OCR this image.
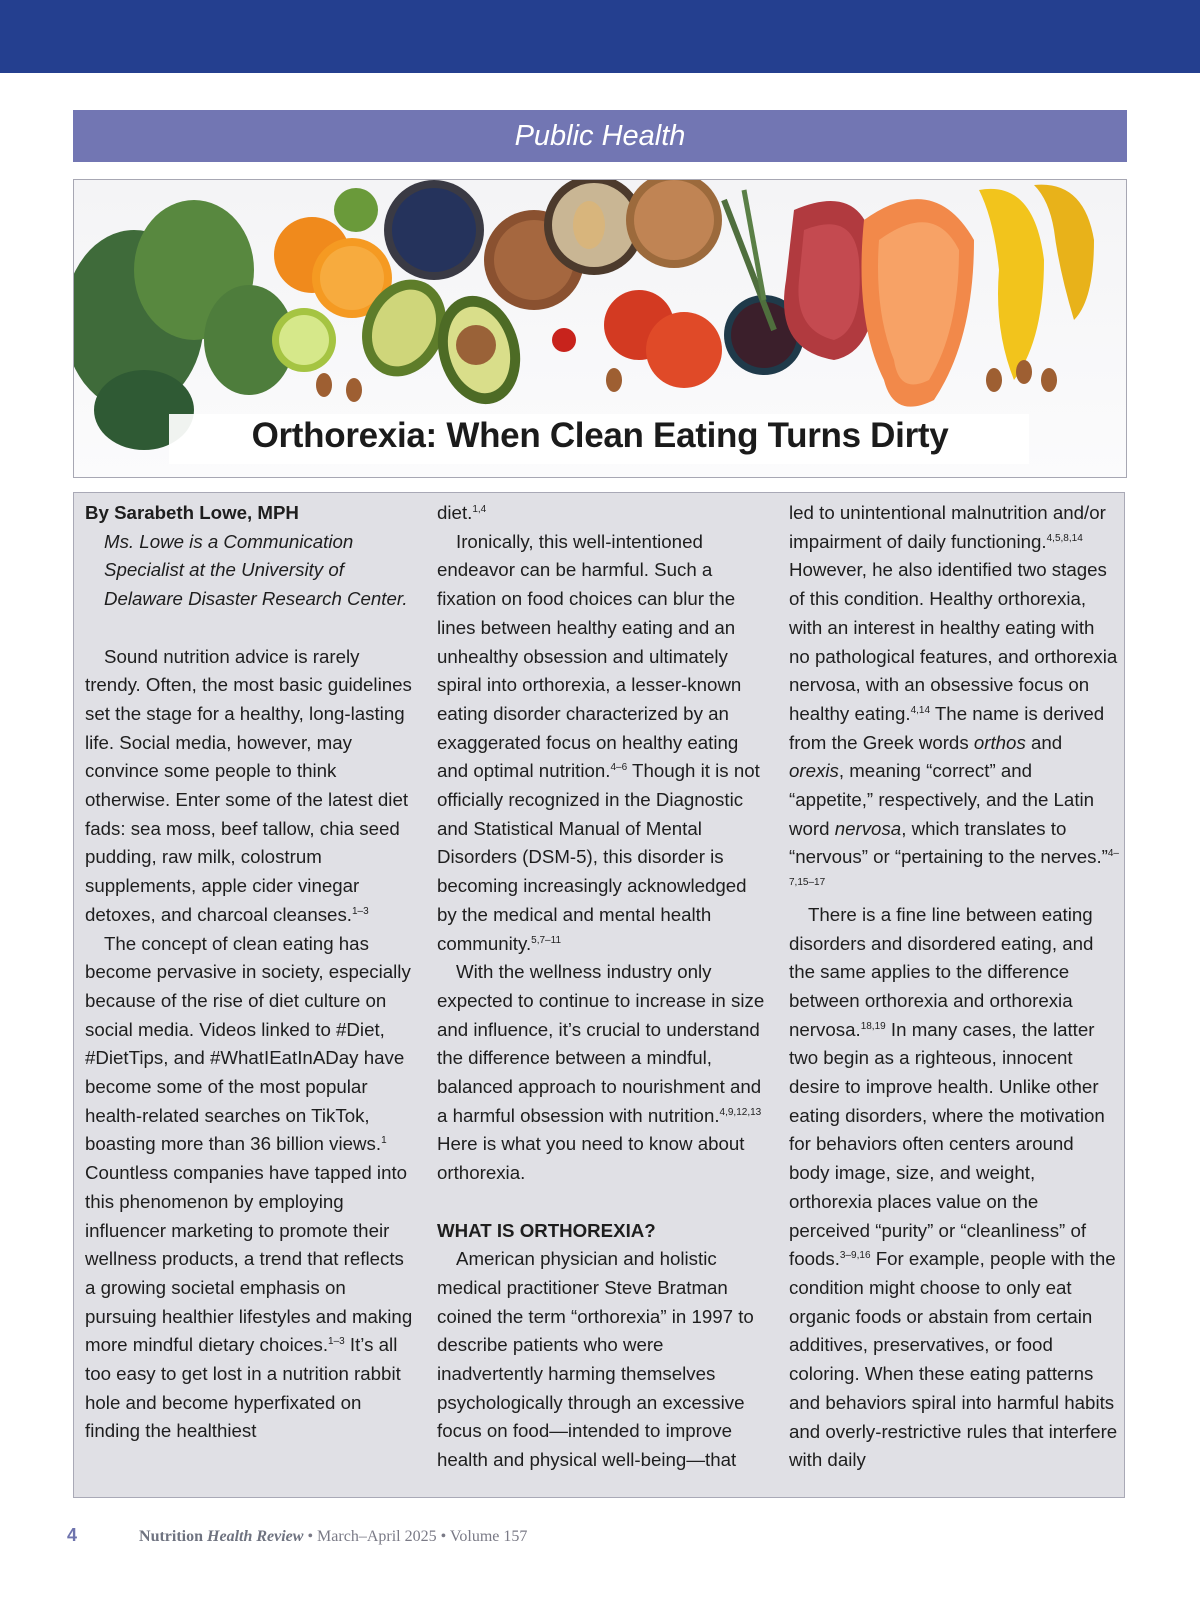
Public Health
Orthorexia: When Clean Eating Turns Dirty

By Sarabeth Lowe, MPH

Ms. Lowe is a Communication Specialist at the University of Delaware Disaster Research Center.

Sound nutrition advice is rarely trendy. Often, the most basic guidelines set the stage for a healthy, long-lasting life. Social media, however, may convince some people to think otherwise. Enter some of the latest diet fads: sea moss, beef tallow, chia seed pudding, raw milk, colostrum supplements, apple cider vinegar detoxes, and charcoal cleanses.$^{1-3}$

The concept of clean eating has become pervasive in society, especially because of the rise of diet culture on social media. Videos linked to #Diet, #DietTips, and #WhatIEatInADay have become some of the most popular health-related searches on TikTok, boasting more than 36 billion views.$^1$ Countless companies have tapped into this phenomenon by employing influencer marketing to promote their wellness products, a trend that reflects a growing societal emphasis on pursuing healthier lifestyles and making more mindful dietary choices.$^{1-3}$ It’s all too easy to get lost in a nutrition rabbit hole and become hyperfixated on finding the healthiest

diet.$^{1,4}$

Ironically, this well-intentioned endeavor can be harmful. Such a fixation on food choices can blur the lines between healthy eating and an unhealthy obsession and ultimately spiral into orthorexia, a lesser-known eating disorder characterized by an exaggerated focus on healthy eating and optimal nutrition.$^{4-6}$ Though it is not officially recognized in the Diagnostic and Statistical Manual of Mental Disorders (DSM-5), this disorder is becoming increasingly acknowledged by the medical and mental health community.$^{5,7-11}$

With the wellness industry only expected to continue to increase in size and influence, it’s crucial to understand the difference between a mindful, balanced approach to nourishment and a harmful obsession with nutrition.$^{4,9,12,13}$ Here is what you need to know about orthorexia.

WHAT IS ORTHOREXIA?

American physician and holistic medical practitioner Steve Bratman coined the term “orthorexia” in 1997 to describe patients who were inadvertently harming themselves psychologically through an excessive focus on food—intended to improve health and physical well-being—that

led to unintentional malnutrition and/or impairment of daily functioning.$^{4,5,8,14}$ However, he also identified two stages of this condition. Healthy orthorexia, with an interest in healthy eating with no pathological features, and orthorexia nervosa, with an obsessive focus on healthy eating.$^{4,14}$ The name is derived from the Greek words orthos and orexis, meaning “correct” and “appetite,” respectively, and the Latin word nervosa, which translates to “nervous” or “pertaining to the nerves.”$^{4-7,15-17}$

There is a fine line between eating disorders and disordered eating, and the same applies to the difference between orthorexia and orthorexia nervosa.$^{18,19}$ In many cases, the latter two begin as a righteous, innocent desire to improve health. Unlike other eating disorders, where the motivation for behaviors often centers around body image, size, and weight, orthorexia places value on the perceived “purity” or “cleanliness” of foods.$^{3-9,16}$ For example, people with the condition might choose to only eat organic foods or abstain from certain additives, preservatives, or food coloring. When these eating patterns and behaviors spiral into harmful habits and overly-restrictive rules that interfere with daily

4	Nutrition Health Review • March–April 2025 • Volume 157
